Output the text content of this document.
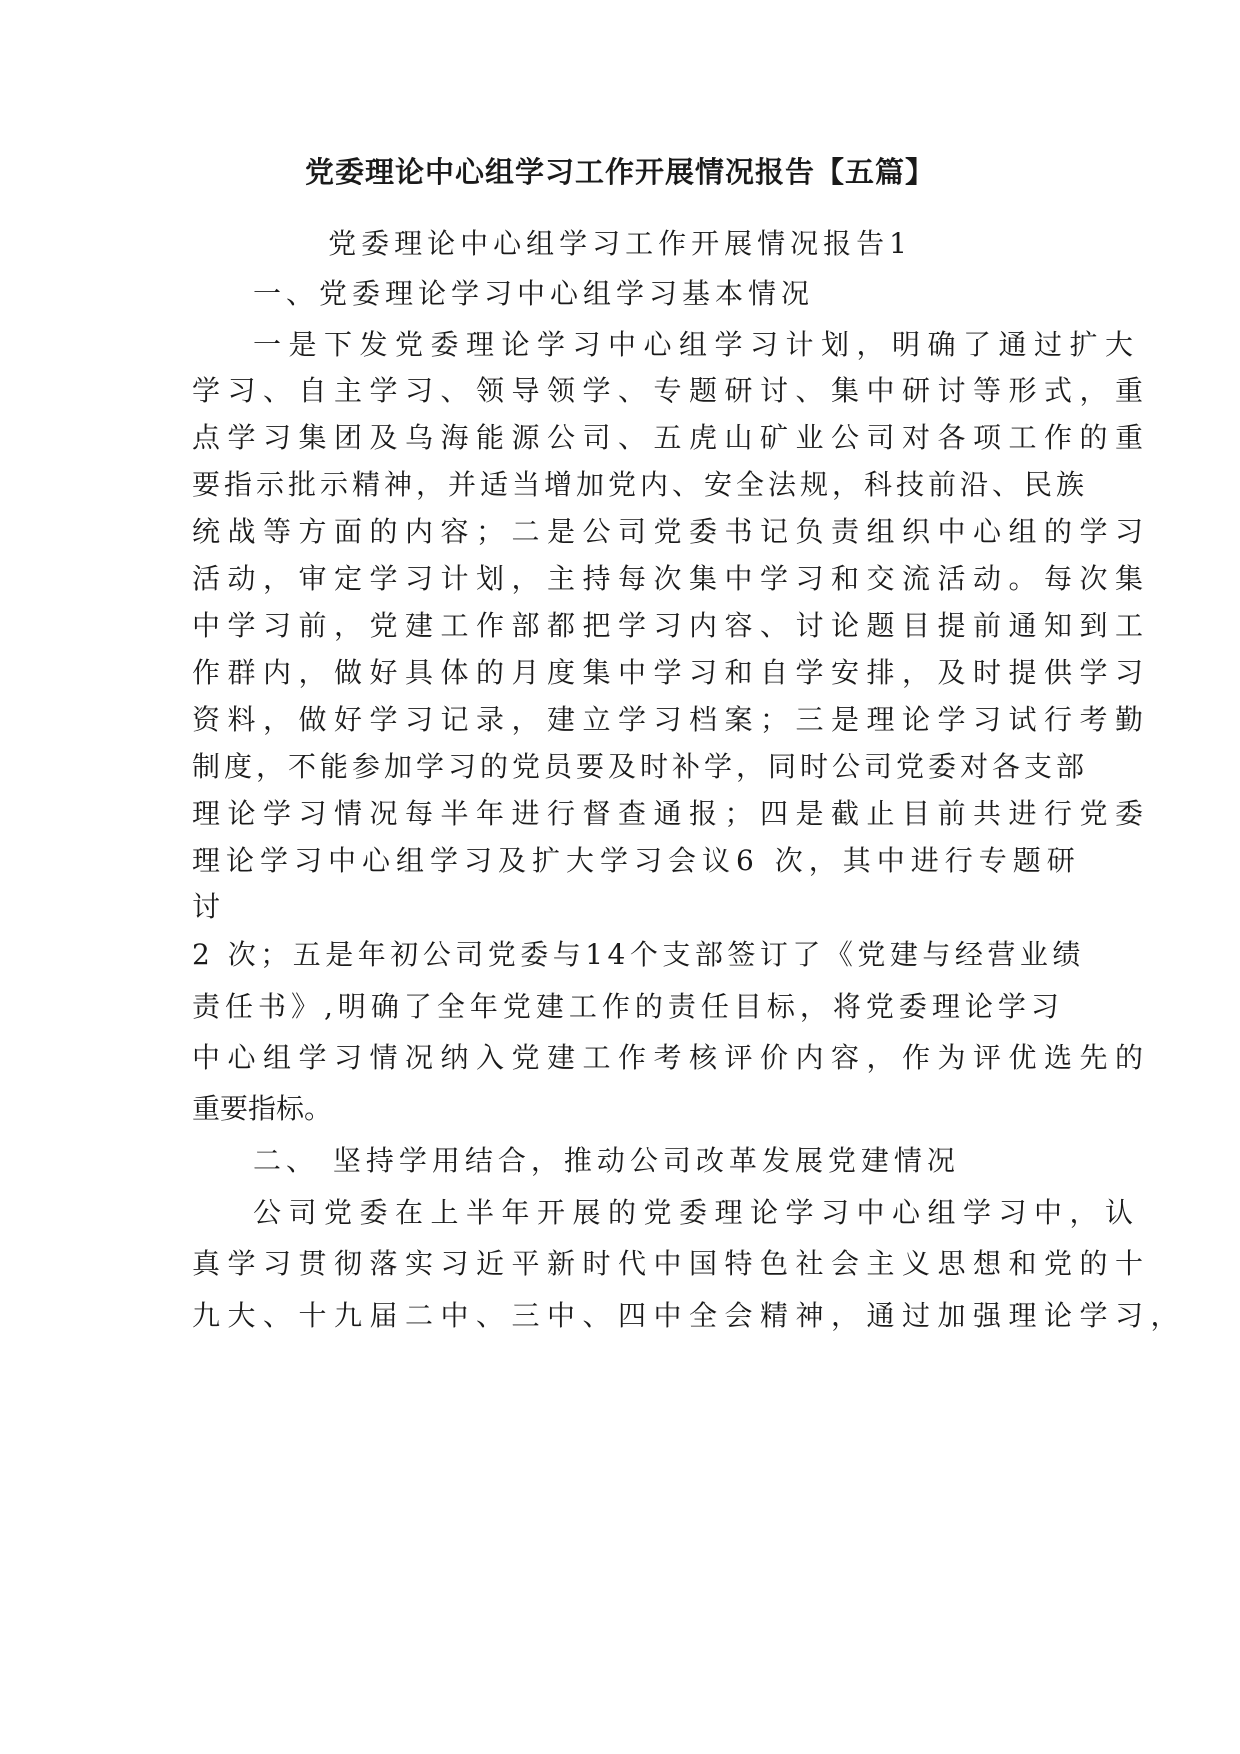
党委理论中心组学习工作开展情况报告【五篇】
党委理论中心组学习工作开展情况报告1
一、党委理论学习中心组学习基本情况
一是下发党委理论学习中心组学习计划，明确了通过扩大
学习、自主学习、领导领学、专题研讨、集中研讨等形式，重
点学习集团及乌海能源公司、五虎山矿业公司对各项工作的重
要指示批示精神，并适当增加党内、安全法规，科技前沿、民族
统战等方面的内容；二是公司党委书记负责组织中心组的学习
活动，审定学习计划，主持每次集中学习和交流活动。每次集
中学习前，党建工作部都把学习内容、讨论题目提前通知到工
作群内，做好具体的月度集中学习和自学安排，及时提供学习
资料，做好学习记录，建立学习档案；三是理论学习试行考勤
制度，不能参加学习的党员要及时补学，同时公司党委对各支部
理论学习情况每半年进行督查通报；四是截止目前共进行党委
理论学习中心组学习及扩大学习会议6 次，其中进行专题研
讨
2 次；五是年初公司党委与14个支部签订了《党建与经营业绩
责任书》,明确了全年党建工作的责任目标，将党委理论学习
中心组学习情况纳入党建工作考核评价内容，作为评优选先的
重要指标。
二、 坚持学用结合，推动公司改革发展党建情况
公司党委在上半年开展的党委理论学习中心组学习中，认
真学习贯彻落实习近平新时代中国特色社会主义思想和党的十
九大、十九届二中、三中、四中全会精神，通过加强理论学习，
